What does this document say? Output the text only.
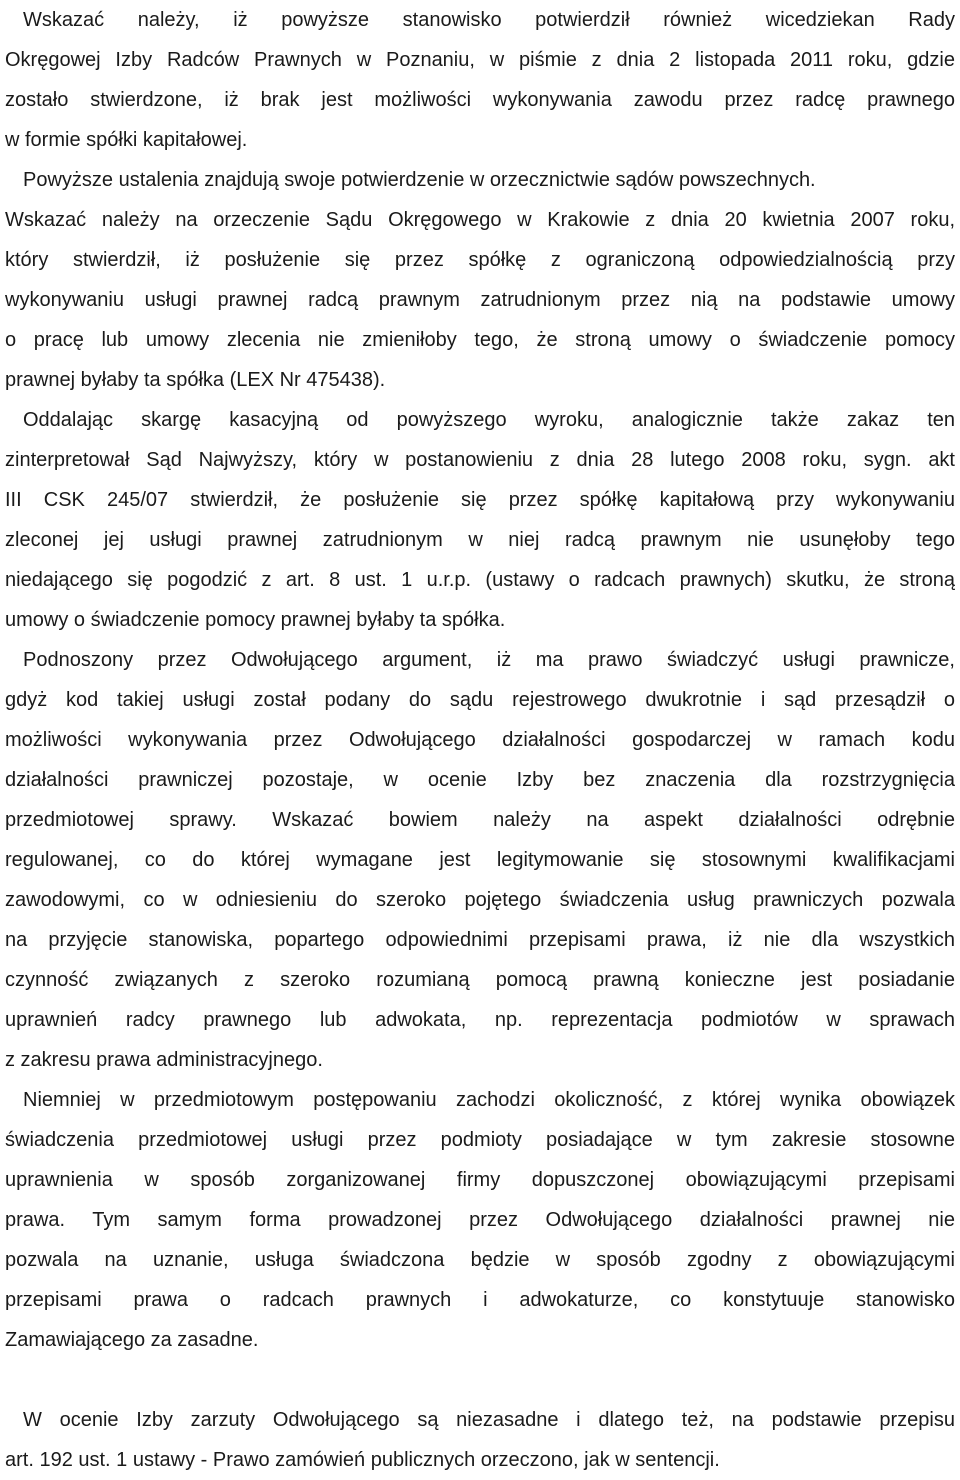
Wskazać należy, iż powyższe stanowisko potwierdził również wicedziekan Rady
Okręgowej Izby Radców Prawnych w Poznaniu, w piśmie z dnia 2 listopada 2011 roku, gdzie
zostało stwierdzone, iż brak jest możliwości wykonywania zawodu przez radcę prawnego
w formie spółki kapitałowej.
Powyższe ustalenia znajdują swoje potwierdzenie w orzecznictwie sądów powszechnych.
Wskazać należy na orzeczenie Sądu Okręgowego w Krakowie z dnia 20 kwietnia 2007 roku,
który stwierdził, iż posłużenie się przez spółkę z ograniczoną odpowiedzialnością przy
wykonywaniu usługi prawnej radcą prawnym zatrudnionym przez nią na podstawie umowy
o pracę lub umowy zlecenia nie zmieniłoby tego, że stroną umowy o świadczenie pomocy
prawnej byłaby ta spółka (LEX Nr 475438).
Oddalając skargę kasacyjną od powyższego wyroku, analogicznie także zakaz ten
zinterpretował Sąd Najwyższy, który w postanowieniu z dnia 28 lutego 2008 roku, sygn. akt
III CSK 245/07 stwierdził, że posłużenie się przez spółkę kapitałową przy wykonywaniu
zleconej jej usługi prawnej zatrudnionym w niej radcą prawnym nie usunęłoby tego
niedającego się pogodzić z art. 8 ust. 1 u.r.p. (ustawy o radcach prawnych) skutku, że stroną
umowy o świadczenie pomocy prawnej byłaby ta spółka.
Podnoszony przez Odwołującego argument, iż ma prawo świadczyć usługi prawnicze,
gdyż kod takiej usługi został podany do sądu rejestrowego dwukrotnie i sąd przesądził o
możliwości wykonywania przez Odwołującego działalności gospodarczej w ramach kodu
działalności prawniczej pozostaje, w ocenie Izby bez znaczenia dla rozstrzygnięcia
przedmiotowej sprawy. Wskazać bowiem należy na aspekt działalności odrębnie
regulowanej, co do której wymagane jest legitymowanie się stosownymi kwalifikacjami
zawodowymi, co w odniesieniu do szeroko pojętego świadczenia usług prawniczych pozwala
na przyjęcie stanowiska, popartego odpowiednimi przepisami prawa, iż nie dla wszystkich
czynność związanych z szeroko rozumianą pomocą prawną konieczne jest posiadanie
uprawnień radcy prawnego lub adwokata, np. reprezentacja podmiotów w sprawach
z zakresu prawa administracyjnego.
Niemniej w przedmiotowym postępowaniu zachodzi okoliczność, z której wynika obowiązek
świadczenia przedmiotowej usługi przez podmioty posiadające w tym zakresie stosowne
uprawnienia w sposób zorganizowanej firmy dopuszczonej obowiązującymi przepisami
prawa. Tym samym forma prowadzonej przez Odwołującego działalności prawnej nie
pozwala na uznanie, usługa świadczona będzie w sposób zgodny z obowiązującymi
przepisami prawa o radcach prawnych i adwokaturze, co konstytuuje stanowisko
Zamawiającego za zasadne.
W ocenie Izby zarzuty Odwołującego są niezasadne i dlatego też, na podstawie przepisu
art. 192 ust. 1 ustawy - Prawo zamówień publicznych orzeczono, jak w sentencji.
